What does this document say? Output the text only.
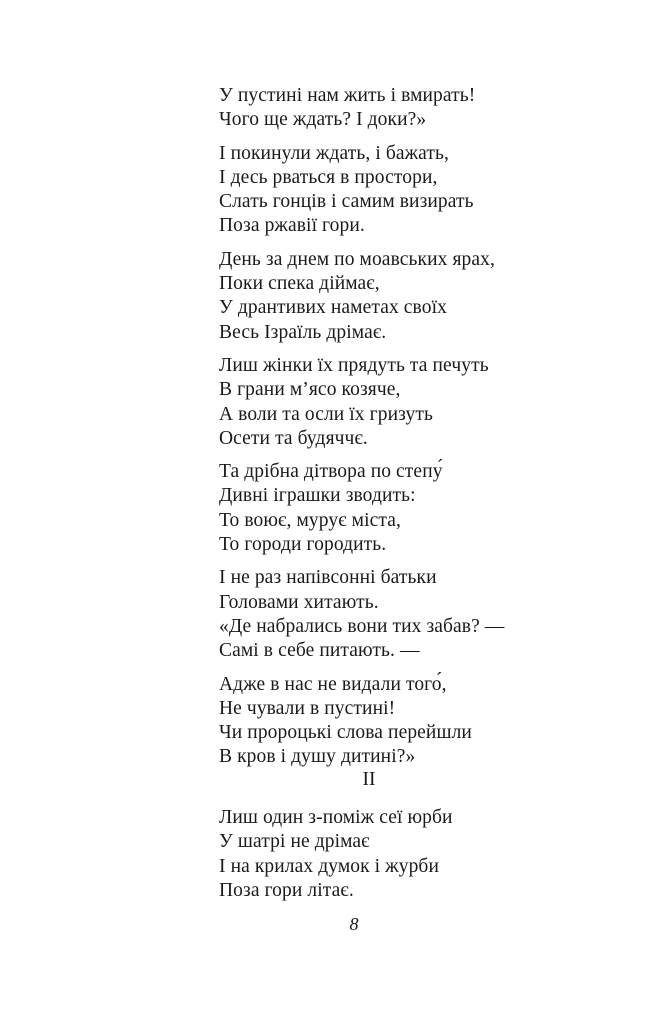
У пустині нам жить і вмирать!
Чого ще ждать? І доки?»
І покинули ждать, і бажать,
І десь рваться в простори,
Слать гонців і самим визирать
Поза ржавії гори.
День за днем по моавських ярах,
Поки спека діймає,
У дрантивих наметах своїх
Весь Ізраїль дрімає.
Лиш жінки їх прядуть та печуть
В грани м’ясо козяче,
А воли та осли їх гризуть
Осети та будяччє.
Та дрібна дітвора по степу́
Дивні іграшки зводить:
То воює, мурує міста,
То городи городить.
І не раз напівсонні батьки
Головами хитають.
«Де набрались вони тих забав? —
Самі в себе питають. —
Адже в нас не видали того́,
Не чували в пустині!
Чи пророцькі слова перейшли
В кров і душу дитині?»
II
Лиш один з-поміж сеї юрби
У шатрі не дрімає
І на крилах думок і журби
Поза гори літає.
8
